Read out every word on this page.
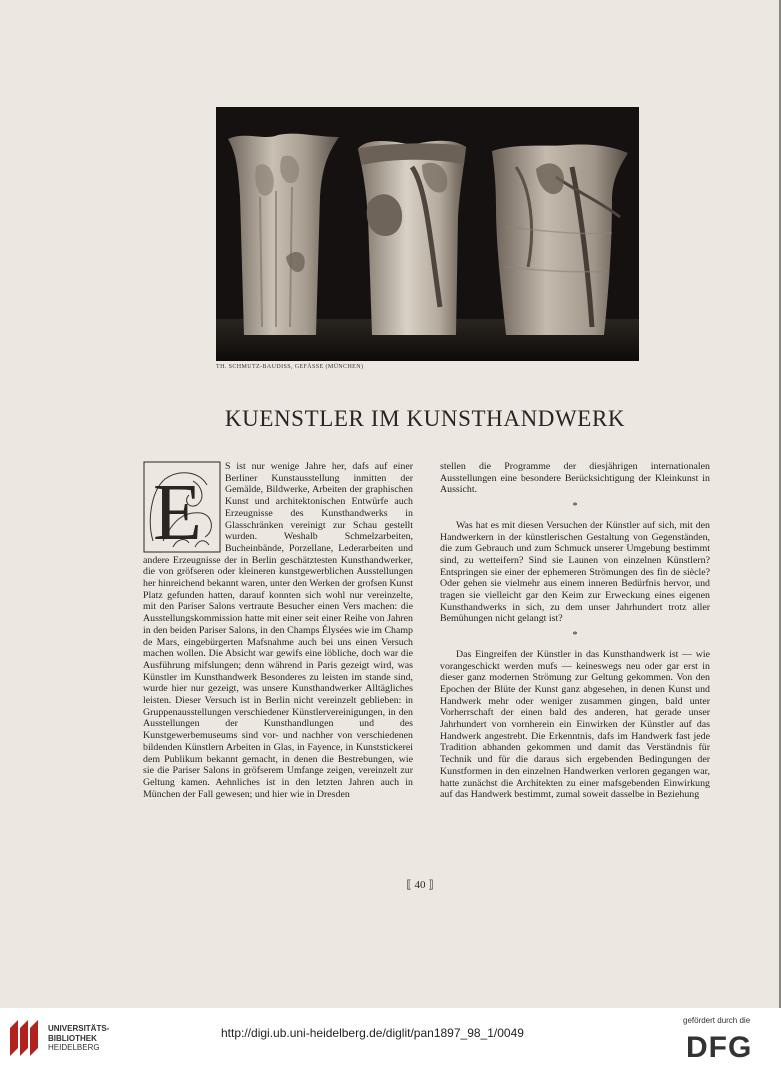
TH. SCHMUTZ-BAUDISS, GEFÄSSE (MÜNCHEN)
KUENSTLER IM KUNSTHANDWERK
E

S ist nur wenige Jahre her, dafs auf einer Berliner Kunstausstellung inmitten der Gemälde, Bildwerke, Arbeiten der graphischen Kunst und architektonischen Entwürfe auch Erzeugnisse des Kunsthandwerks in Glasschränken vereinigt zur Schau gestellt wurden. Weshalb Schmelzarbeiten, Bucheinbände, Porzellane, Lederarbeiten und andere Erzeugnisse der in Berlin geschätztesten Kunsthandwerker, die von gröfseren oder kleineren kunstgewerblichen Ausstellungen her hinreichend bekannt waren, unter den Werken der grofsen Kunst Platz gefunden hatten, darauf konnten sich wohl nur vereinzelte, mit den Pariser Salons vertraute Besucher einen Vers machen: die Ausstellungskommission hatte mit einer seit einer Reihe von Jahren in den beiden Pariser Salons, in den Champs Élysées wie im Champ de Mars, eingebürgerten Mafsnahme auch bei uns einen Versuch machen wollen. Die Absicht war gewifs eine löbliche, doch war die Ausführung mifslungen; denn während in Paris gezeigt wird, was Künstler im Kunsthandwerk Besonderes zu leisten im stande sind, wurde hier nur gezeigt, was unsere Kunsthandwerker Alltägliches leisten. Dieser Versuch ist in Berlin nicht vereinzelt geblieben: in Gruppenausstellungen verschiedener Künstlervereinigungen, in den Ausstellungen der Kunsthandlungen und des Kunstgewerbemuseums sind vor- und nachher von verschiedenen bildenden Künstlern Arbeiten in Glas, in Fayence, in Kunststickerei dem Publikum bekannt gemacht, in denen die Bestrebungen, wie sie die Pariser Salons in gröfserem Umfange zeigen, vereinzelt zur Geltung kamen. Aehnliches ist in den letzten Jahren auch in München der Fall gewesen; und hier wie in Dresden

stellen die Programme der diesjährigen internationalen Ausstellungen eine besondere Berücksichtigung der Kleinkunst in Aussicht.

*

Was hat es mit diesen Versuchen der Künstler auf sich, mit den Handwerkern in der künstlerischen Gestaltung von Gegenständen, die zum Gebrauch und zum Schmuck unserer Umgebung bestimmt sind, zu wetteifern? Sind sie Launen von einzelnen Künstlern? Entspringen sie einer der ephemeren Strömungen des fin de siècle? Oder gehen sie vielmehr aus einem inneren Bedürfnis hervor, und tragen sie vielleicht gar den Keim zur Erweckung eines eigenen Kunsthandwerks in sich, zu dem unser Jahrhundert trotz aller Bemühungen nicht gelangt ist?

*

Das Eingreifen der Künstler in das Kunsthandwerk ist — wie vorangeschickt werden mufs — keineswegs neu oder gar erst in dieser ganz modernen Strömung zur Geltung gekommen. Von den Epochen der Blüte der Kunst ganz abgesehen, in denen Kunst und Handwerk mehr oder weniger zusammen gingen, bald unter Vorherrschaft der einen bald des anderen, hat gerade unser Jahrhundert von vornherein ein Einwirken der Künstler auf das Handwerk angestrebt. Die Erkenntnis, dafs im Handwerk fast jede Tradition abhanden gekommen und damit das Verständnis für Technik und für die daraus sich ergebenden Bedingungen der Kunstformen in den einzelnen Handwerken verloren gegangen war, hatte zunächst die Architekten zu einer mafsgebenden Einwirkung auf das Handwerk bestimmt, zumal soweit dasselbe in Beziehung

⟦ 40 ⟧
UNIVERSITÄTS-
BIBLIOTHEK
HEIDELBERG
http://digi.ub.uni-heidelberg.de/diglit/pan1897_98_1/0049
gefördert durch die
DFG
